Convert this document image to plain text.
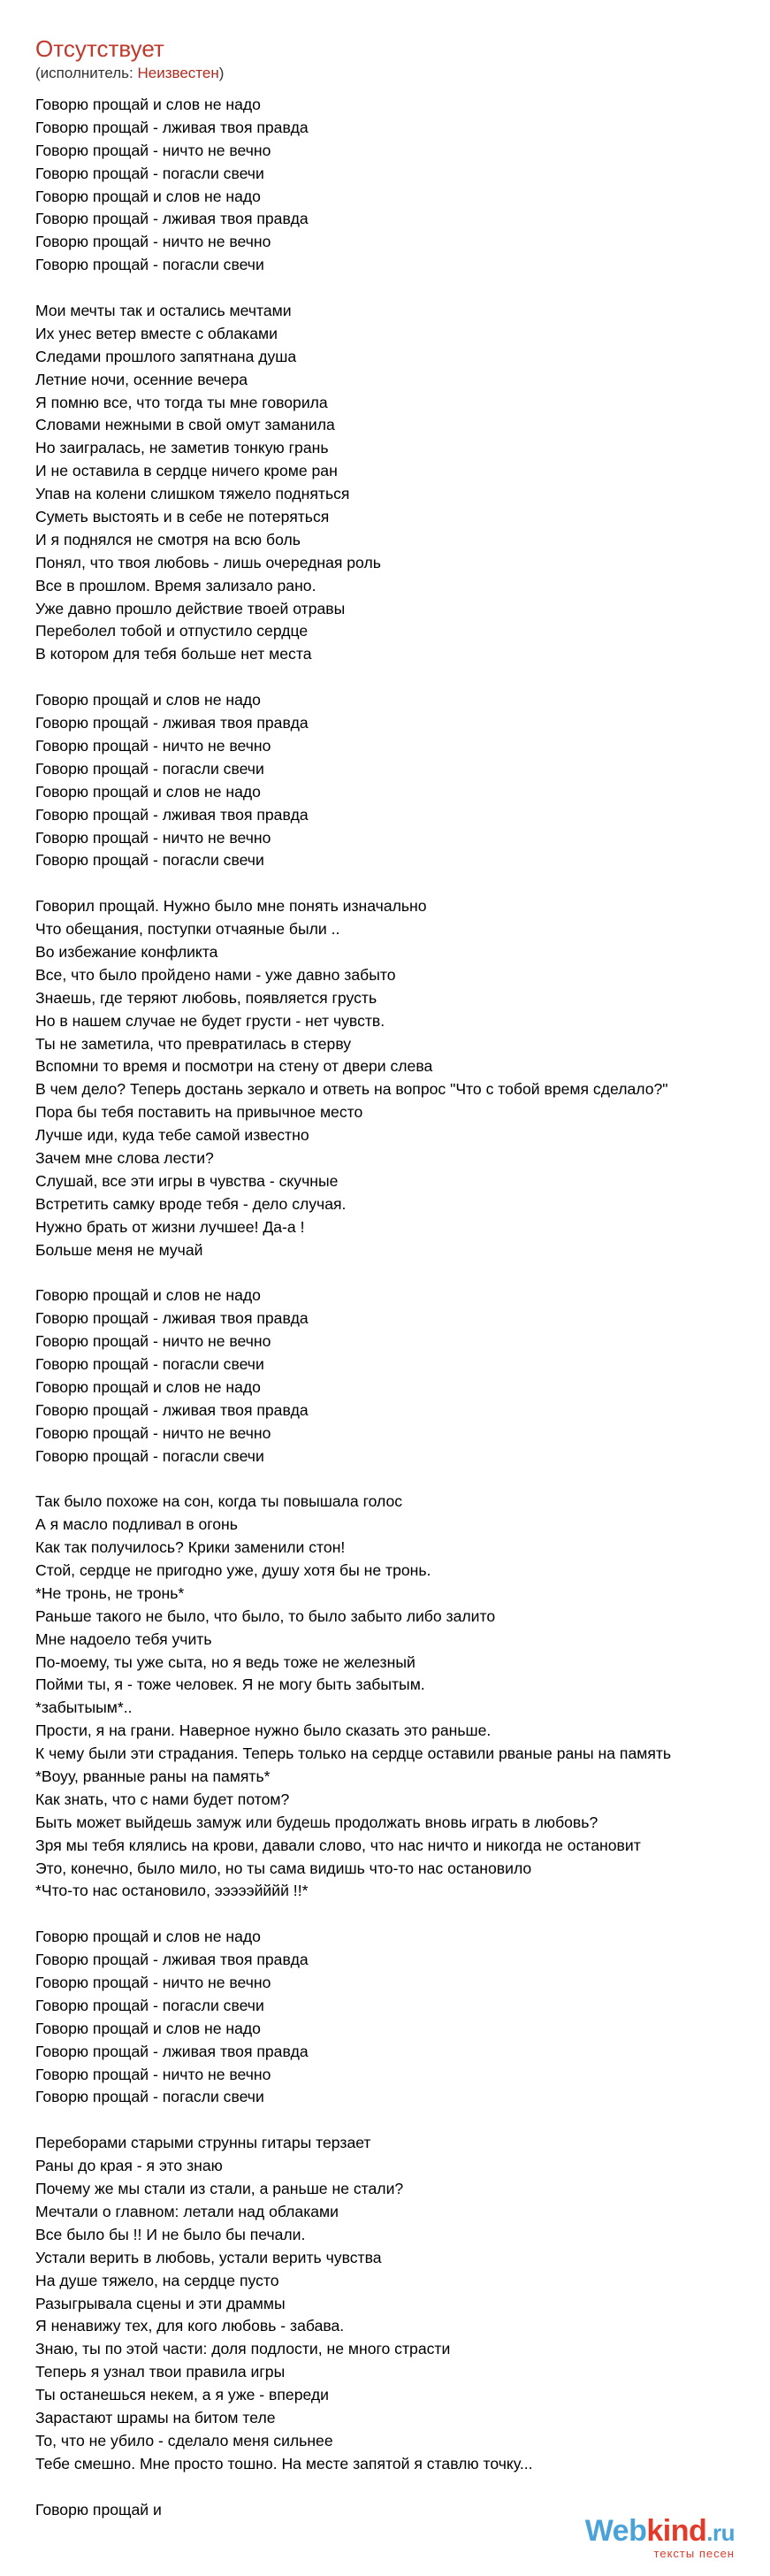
Отсутствует
(исполнитель: Неизвестен)
Говорю прощай и слов не надо
Говорю прощай - лживая твоя правда
Говорю прощай - ничто не вечно
Говорю прощай - погасли свечи
Говорю прощай и слов не надо
Говорю прощай - лживая твоя правда
Говорю прощай - ничто не вечно
Говорю прощай - погасли свечи
Мои мечты так и остались мечтами
Их унес ветер вместе с облаками
Следами прошлого запятнана душа
Летние ночи, осенние вечера
Я помню все, что тогда ты мне говорила
Словами нежными в свой омут заманила
Но заигралась, не заметив тонкую грань
И не оставила в сердце ничего кроме ран
Упав на колени слишком тяжело подняться
Суметь выстоять и в себе не потеряться
И я поднялся не смотря на всю боль
Понял, что твоя любовь - лишь очередная роль
Все в прошлом. Время зализало рано.
Уже давно прошло действие твоей отравы
Переболел тобой и отпустило сердце
В котором для тебя больше нет места
Говорю прощай и слов не надо
Говорю прощай - лживая твоя правда
Говорю прощай - ничто не вечно
Говорю прощай - погасли свечи
Говорю прощай и слов не надо
Говорю прощай - лживая твоя правда
Говорю прощай - ничто не вечно
Говорю прощай - погасли свечи
Говорил прощай. Нужно было мне понять изначально
Что обещания, поступки отчаяные были ..
Во избежание конфликта
Все, что было пройдено нами - уже давно забыто
Знаешь, где теряют любовь, появляется грусть
Но в нашем случае не будет грусти - нет чувств.
Ты не заметила, что превратилась в стерву
Вспомни то время и посмотри на стену от двери слева
В чем дело? Теперь достань зеркало и ответь на вопрос "Что с тобой время сделало?"
Пора бы тебя поставить на привычное место
Лучше иди, куда тебе самой известно
Зачем мне слова лести?
Слушай, все эти игры в чувства - скучные
Встретить самку вроде тебя - дело случая.
Нужно брать от жизни лучшее! Да-а !
Больше меня не мучай
Говорю прощай и слов не надо
Говорю прощай - лживая твоя правда
Говорю прощай - ничто не вечно
Говорю прощай - погасли свечи
Говорю прощай и слов не надо
Говорю прощай - лживая твоя правда
Говорю прощай - ничто не вечно
Говорю прощай - погасли свечи
Так было похоже на сон, когда ты повышала голос
А я масло подливал в огонь
Как так получилось? Крики заменили стон!
Стой, сердце не пригодно уже, душу хотя бы не тронь.
*Не тронь, не тронь*
Раньше такого не было, что было, то было забыто либо залито
Мне надоело тебя учить
По-моему, ты уже сыта, но я ведь тоже не железный
Пойми ты, я - тоже человек. Я не могу быть забытым.
*забытыым*..
Прости, я на грани. Наверное нужно было сказать это раньше.
К чему были эти страдания. Теперь только на сердце оставили рваные раны на память
*Воуу, рванные раны на память*
Как знать, что с нами будет потом?
Быть может выйдешь замуж или будешь продолжать вновь играть в любовь?
Зря мы тебя клялись на крови, давали слово, что нас ничто и никогда не остановит
Это, конечно, было мило, но ты сама видишь что-то нас остановило
*Что-то нас остановило, эээээйййй !!*
Говорю прощай и слов не надо
Говорю прощай - лживая твоя правда
Говорю прощай - ничто не вечно
Говорю прощай - погасли свечи
Говорю прощай и слов не надо
Говорю прощай - лживая твоя правда
Говорю прощай - ничто не вечно
Говорю прощай - погасли свечи
Переборами старыми струнны гитары терзает
Раны до края - я это знаю
Почему же мы стали из стали, а раньше не стали?
Мечтали о главном: летали над облаками
Все было бы !! И не было бы печали.
Устали верить в любовь, устали верить чувства
На душе тяжело, на сердце пусто
Разыгрывала сцены и эти драммы
Я ненавижу тех, для кого любовь - забава.
Знаю, ты по этой части: доля подлости, не много страсти
Теперь я узнал твои правила игры
Ты останешься некем, а я уже - впереди
Зарастают шрамы на битом теле
То, что не убило - сделало меня сильнее
Тебе смешно. Мне просто тошно. На месте запятой я ставлю точку...
Говорю прощай и
Webkind.ru
тексты песен
